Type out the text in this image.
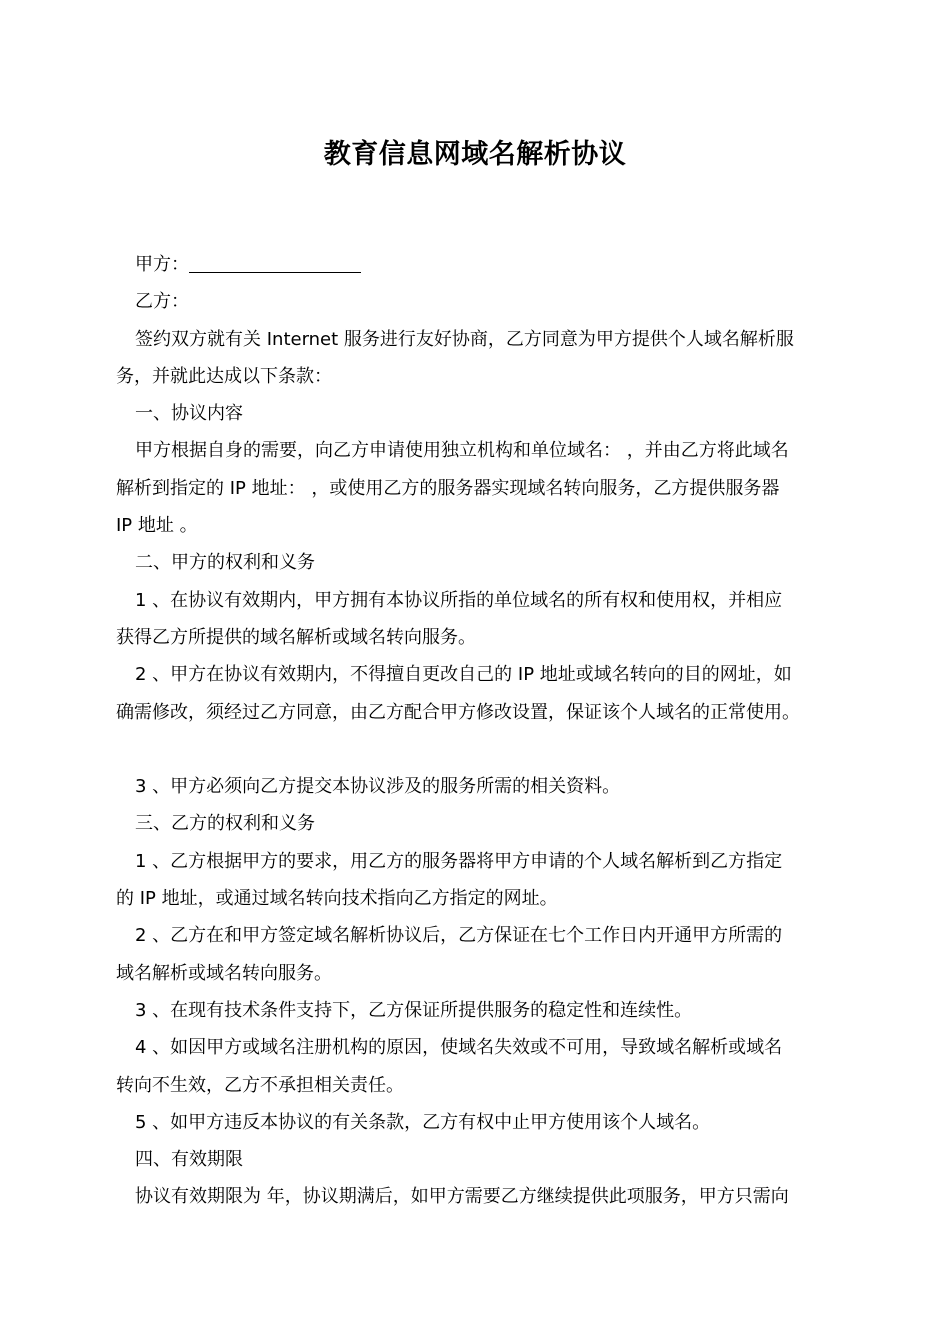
教育信息网域名解析协议
甲方：
乙方：
签约双方就有关 Internet 服务进行友好协商，乙方同意为甲方提供个人域名解析服
务，并就此达成以下条款：
一、协议内容
甲方根据自身的需要，向乙方申请使用独立机构和单位域名： ，并由乙方将此域名
解析到指定的 IP 地址： ，或使用乙方的服务器实现域名转向服务，乙方提供服务器
IP 地址 。
二、甲方的权利和义务
1 、在协议有效期内，甲方拥有本协议所指的单位域名的所有权和使用权，并相应
获得乙方所提供的域名解析或域名转向服务。
2 、甲方在协议有效期内，不得擅自更改自己的 IP 地址或域名转向的目的网址，如
确需修改，须经过乙方同意，由乙方配合甲方修改设置，保证该个人域名的正常使用。
3 、甲方必须向乙方提交本协议涉及的服务所需的相关资料。
三、乙方的权利和义务
1 、乙方根据甲方的要求，用乙方的服务器将甲方申请的个人域名解析到乙方指定
的 IP 地址，或通过域名转向技术指向乙方指定的网址。
2 、乙方在和甲方签定域名解析协议后，乙方保证在七个工作日内开通甲方所需的
域名解析或域名转向服务。
3 、在现有技术条件支持下，乙方保证所提供服务的稳定性和连续性。
4 、如因甲方或域名注册机构的原因，使域名失效或不可用，导致域名解析或域名
转向不生效，乙方不承担相关责任。
5 、如甲方违反本协议的有关条款，乙方有权中止甲方使用该个人域名。
四、有效期限
协议有效期限为 年，协议期满后，如甲方需要乙方继续提供此项服务，甲方只需向
